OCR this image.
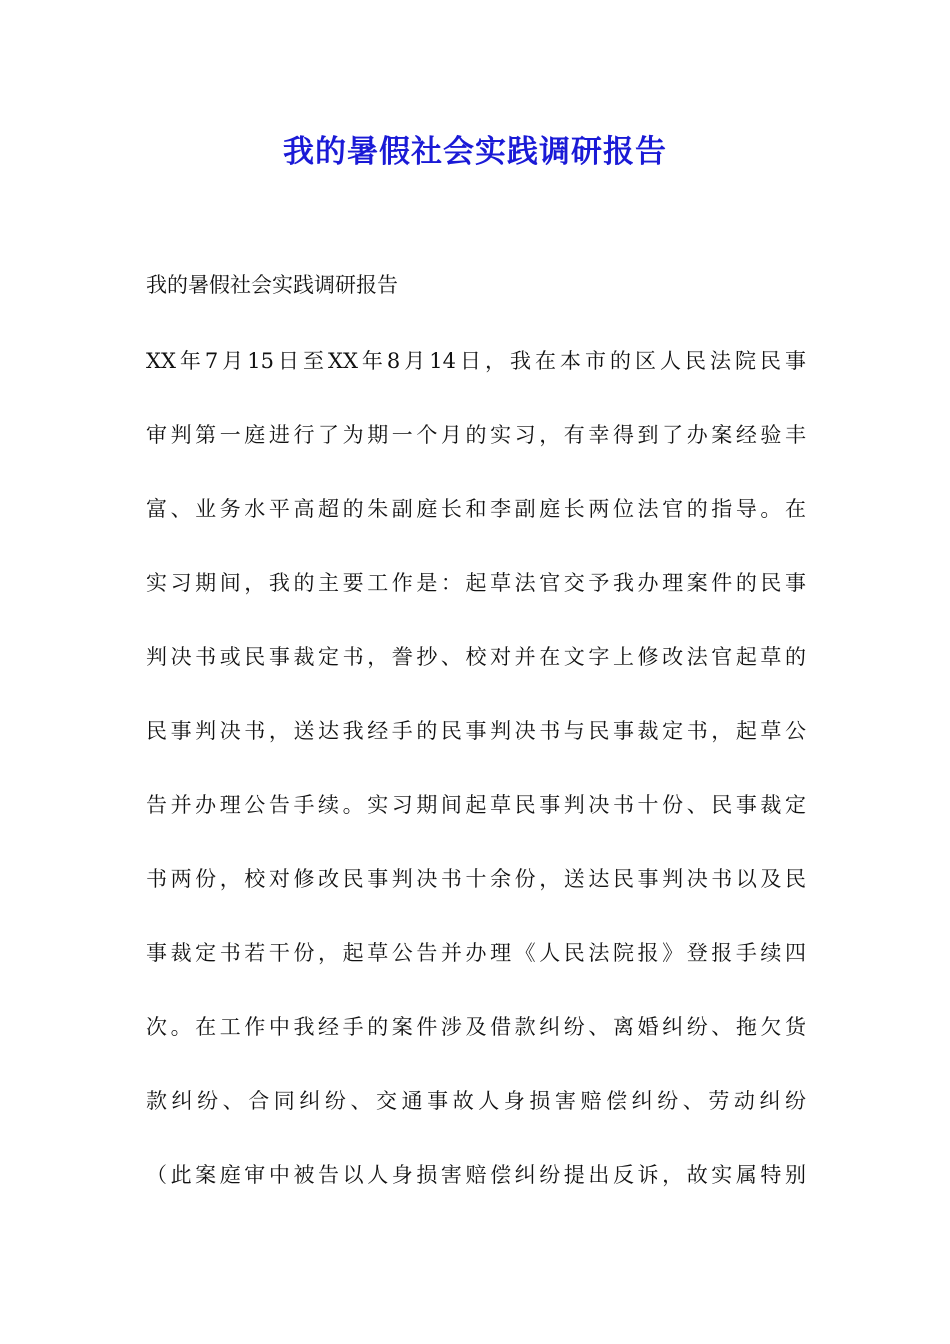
我的暑假社会实践调研报告
我的暑假社会实践调研报告
XX年7月15日至XX年8月14日，我在本市的区人民法院民事
审判第一庭进行了为期一个月的实习，有幸得到了办案经验丰
富、业务水平高超的朱副庭长和李副庭长两位法官的指导。在
实习期间，我的主要工作是：起草法官交予我办理案件的民事
判决书或民事裁定书，誊抄、校对并在文字上修改法官起草的
民事判决书，送达我经手的民事判决书与民事裁定书，起草公
告并办理公告手续。实习期间起草民事判决书十份、民事裁定
书两份，校对修改民事判决书十余份，送达民事判决书以及民
事裁定书若干份，起草公告并办理《人民法院报》登报手续四
次。在工作中我经手的案件涉及借款纠纷、离婚纠纷、拖欠货
款纠纷、合同纠纷、交通事故人身损害赔偿纠纷、劳动纠纷
（此案庭审中被告以人身损害赔偿纠纷提出反诉，故实属特别
